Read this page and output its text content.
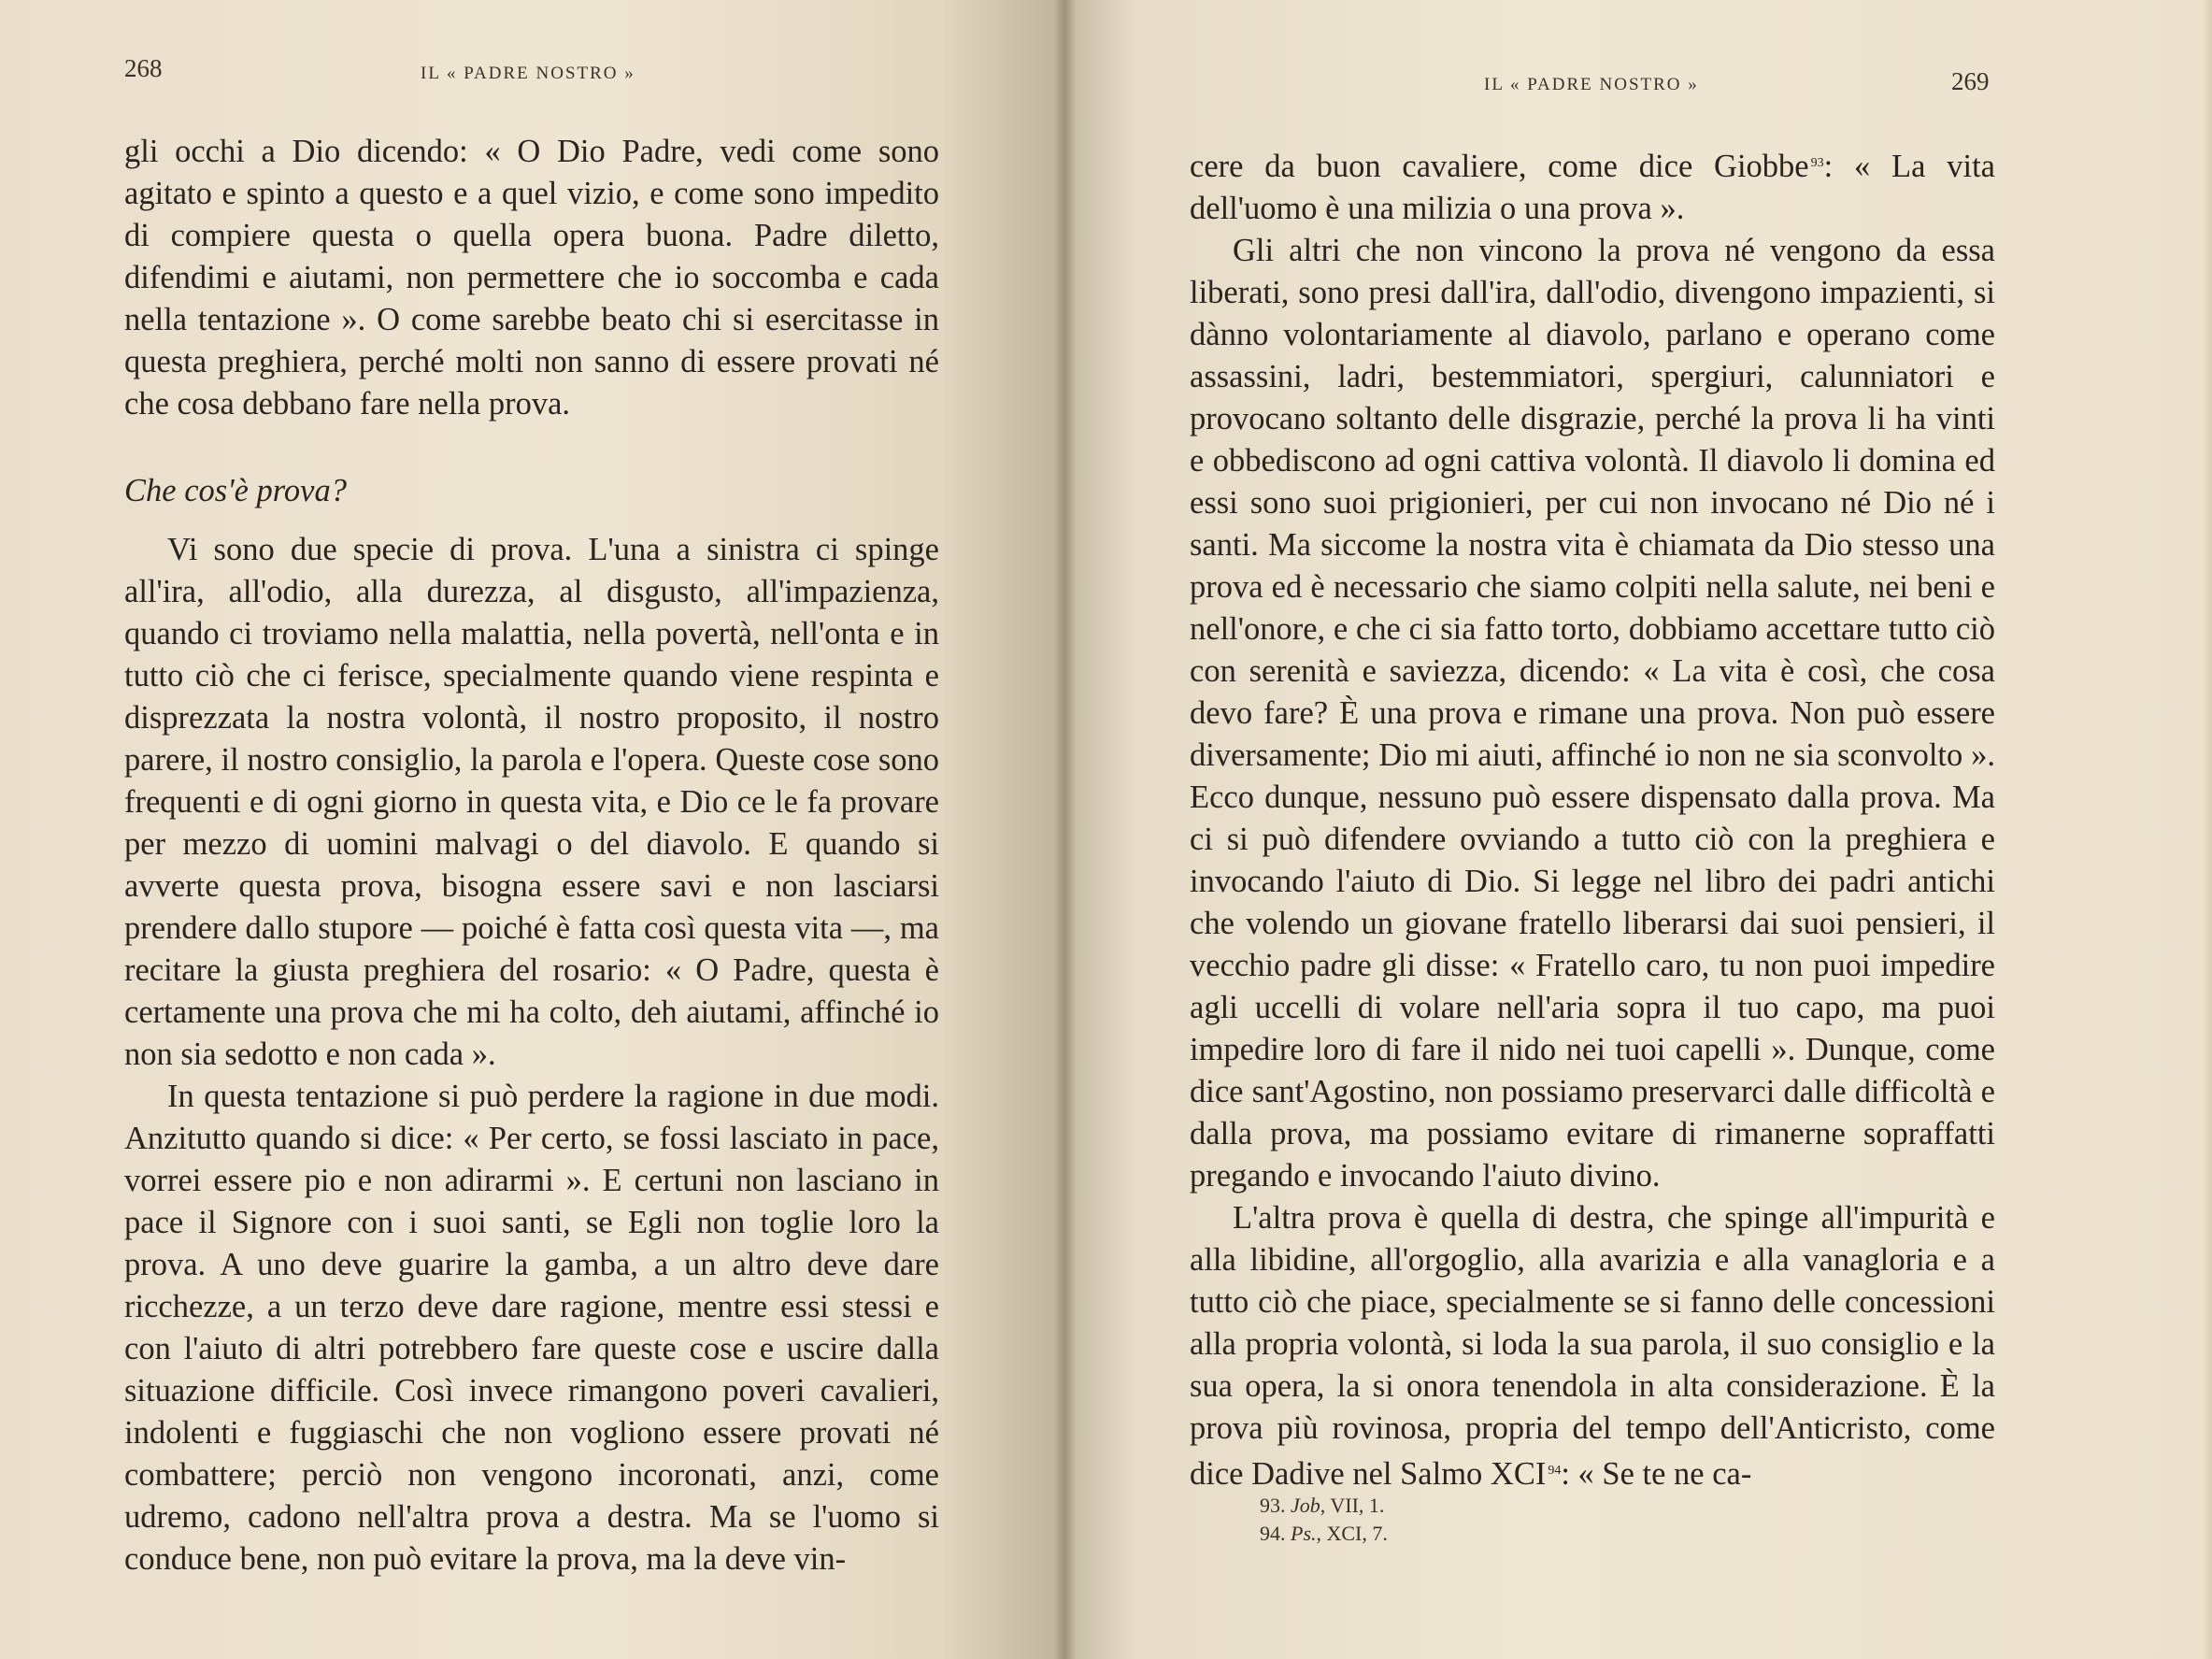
268	IL « PADRE NOSTRO »

gli occhi a Dio dicendo: « O Dio Padre, vedi come sono agitato e spinto a questo e a quel vizio, e come sono impedito di compiere questa o quella opera buona. Padre diletto, difendimi e aiutami, non permettere che io soccomba e cada nella tentazione ». O come sarebbe beato chi si esercitasse in questa preghiera, perché molti non sanno di essere provati né che cosa debbano fare nella prova.

Che cos'è prova?

Vi sono due specie di prova. L'una a sinistra ci spinge all'ira, all'odio, alla durezza, al disgusto, all'impazienza, quando ci troviamo nella malattia, nella povertà, nell'onta e in tutto ciò che ci ferisce, specialmente quando viene respinta e disprezzata la nostra volontà, il nostro proposito, il nostro parere, il nostro consiglio, la parola e l'opera. Queste cose sono frequenti e di ogni giorno in questa vita, e Dio ce le fa provare per mezzo di uomini malvagi o del diavolo. E quando si avverte questa prova, bisogna essere savi e non lasciarsi prendere dallo stupore — poiché è fatta così questa vita —, ma recitare la giusta preghiera del rosario: « O Padre, questa è certamente una prova che mi ha colto, deh aiutami, affinché io non sia sedotto e non cada ».

In questa tentazione si può perdere la ragione in due modi. Anzitutto quando si dice: « Per certo, se fossi lasciato in pace, vorrei essere pio e non adirarmi ». E certuni non lasciano in pace il Signore con i suoi santi, se Egli non toglie loro la prova. A uno deve guarire la gamba, a un altro deve dare ricchezze, a un terzo deve dare ragione, mentre essi stessi e con l'aiuto di altri potrebbero fare queste cose e uscire dalla situazione difficile. Così invece rimangono poveri cavalieri, indolenti e fuggiaschi che non vogliono essere provati né combattere; perciò non vengono incoronati, anzi, come udremo, cadono nell'altra prova a destra. Ma se l'uomo si conduce bene, non può evitare la prova, ma la deve vin-

IL « PADRE NOSTRO »	269

cere da buon cavaliere, come dice Giobbe $^{93}$: « La vita dell'uomo è una milizia o una prova ».

Gli altri che non vincono la prova né vengono da essa liberati, sono presi dall'ira, dall'odio, divengono impazienti, si dànno volontariamente al diavolo, parlano e operano come assassini, ladri, bestemmiatori, spergiuri, calunniatori e provocano soltanto delle disgrazie, perché la prova li ha vinti e obbediscono ad ogni cattiva volontà. Il diavolo li domina ed essi sono suoi prigionieri, per cui non invocano né Dio né i santi. Ma siccome la nostra vita è chiamata da Dio stesso una prova ed è necessario che siamo colpiti nella salute, nei beni e nell'onore, e che ci sia fatto torto, dobbiamo accettare tutto ciò con serenità e saviezza, dicendo: « La vita è così, che cosa devo fare? È una prova e rimane una prova. Non può essere diversamente; Dio mi aiuti, affinché io non ne sia sconvolto ». Ecco dunque, nessuno può essere dispensato dalla prova. Ma ci si può difendere ovviando a tutto ciò con la preghiera e invocando l'aiuto di Dio. Si legge nel libro dei padri antichi che volendo un giovane fratello liberarsi dai suoi pensieri, il vecchio padre gli disse: « Fratello caro, tu non puoi impedire agli uccelli di volare nell'aria sopra il tuo capo, ma puoi impedire loro di fare il nido nei tuoi capelli ». Dunque, come dice sant'Agostino, non possiamo preservarci dalle difficoltà e dalla prova, ma possiamo evitare di rimanerne sopraffatti pregando e invocando l'aiuto divino.

L'altra prova è quella di destra, che spinge all'impurità e alla libidine, all'orgoglio, alla avarizia e alla vanagloria e a tutto ciò che piace, specialmente se si fanno delle concessioni alla propria volontà, si loda la sua parola, il suo consiglio e la sua opera, la si onora tenendola in alta considerazione. È la prova più rovinosa, propria del tempo dell'Anticristo, come dice Dadive nel Salmo XCI $^{94}$: « Se te ne ca-

93. Job, VII, 1.
94. Ps., XCI, 7.
